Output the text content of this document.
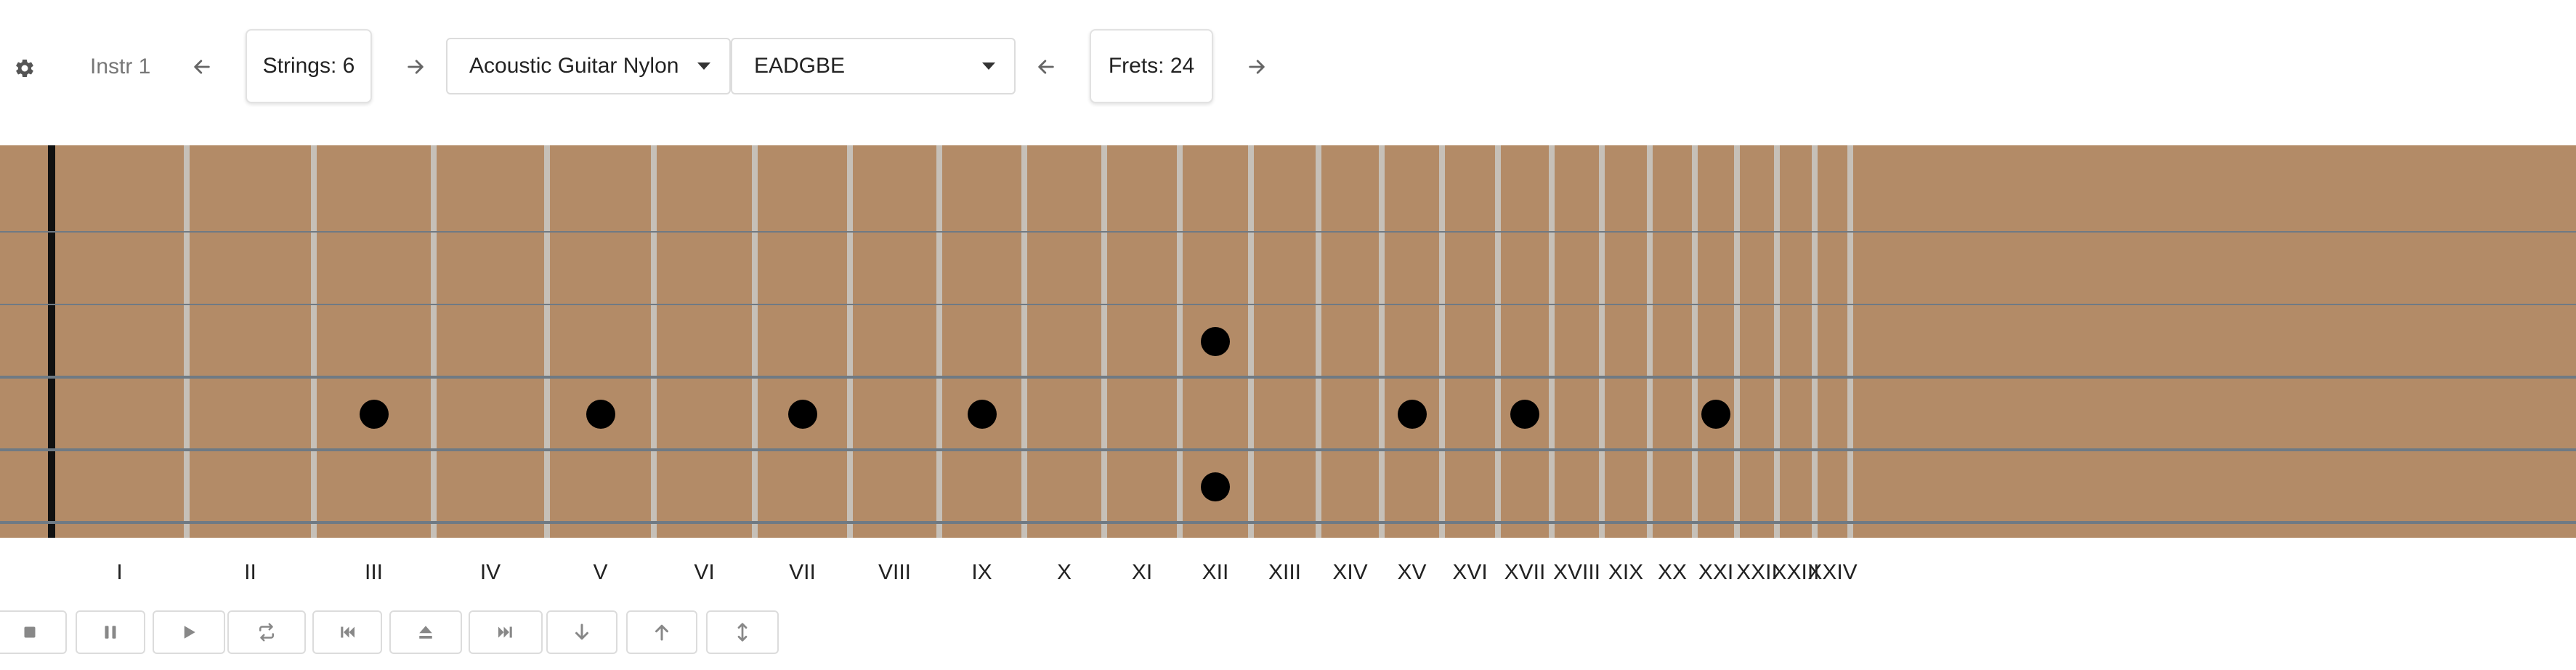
Instr 1	Strings: 6	Acoustic Guitar Nylon	EADGBE	Frets: 24
I	II	III	IV	V	VI	VII	VIII	IX	X	XI XII XIII XIV XV XVI XVII XVIII XIX XX XXI XXII
XXIII
XXIV
